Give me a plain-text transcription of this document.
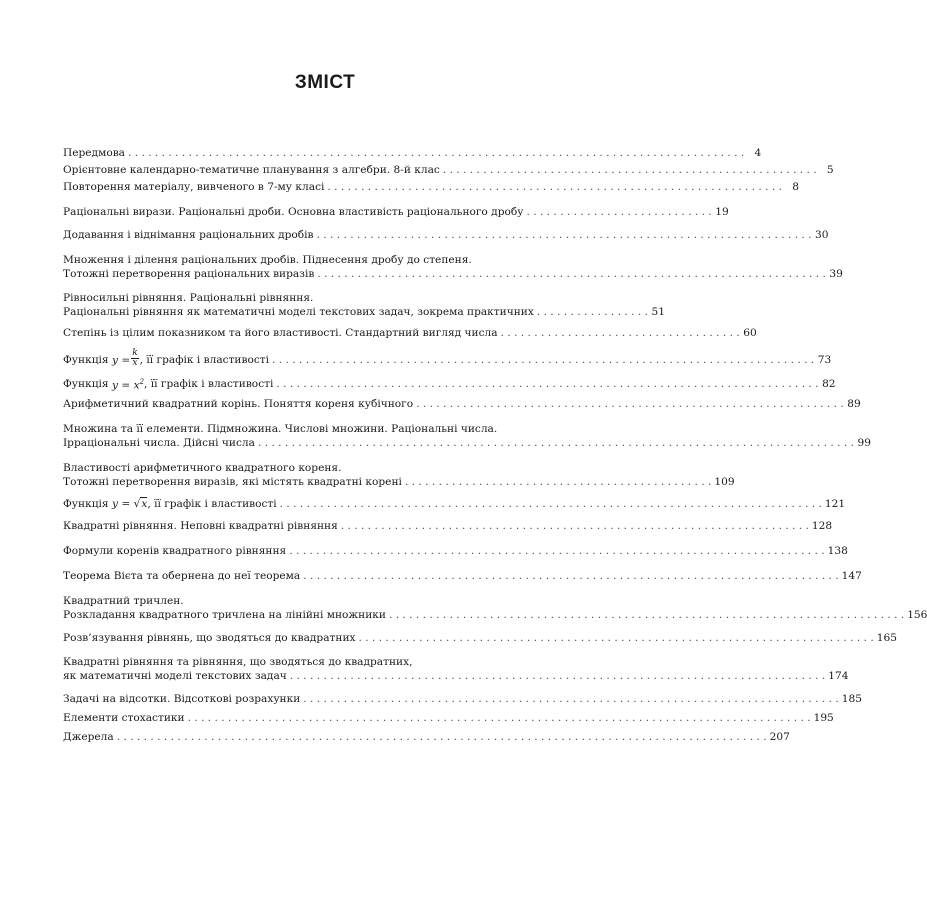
ЗМІСТ
Передмова . . . . . . . . . . . . . . . . . . . . . . . . . . . . . . . . . . . . . . . . . . . . . . . . . . . . . . . . . . . . . . . . . . . . . . . . . . . . . . . . . . . . . . . . . . . . 4
Орієнтовне календарно-тематичне планування з алгебри. 8-й клас . . . . . . . . . . . . . . . . . . . . . . . . . . . . . . . . . . . . . . . . . . . . . . . . . . . . . . . . 5
Повторення матеріалу, вивченого в 7-му класі . . . . . . . . . . . . . . . . . . . . . . . . . . . . . . . . . . . . . . . . . . . . . . . . . . . . . . . . . . . . . . . . . . . . 8
Раціональні вирази. Раціональні дроби. Основна властивість раціонального дробу . . . . . . . . . . . . . . . . . . . . . . . . . . . . 19
Додавання і віднімання раціональних дробів . . . . . . . . . . . . . . . . . . . . . . . . . . . . . . . . . . . . . . . . . . . . . . . . . . . . . . . . . . . . . . . . . . . . . . . . . . 30
Множення і ділення раціональних дробів. Піднесення дробу до степеня.
Тотожні перетворення раціональних виразів . . . . . . . . . . . . . . . . . . . . . . . . . . . . . . . . . . . . . . . . . . . . . . . . . . . . . . . . . . . . . . . . . . . . . . . . . . . . 39
Рівносильні рівняння. Раціональні рівняння.
Раціональні рівняння як математичні моделі текстових задач, зокрема практичних . . . . . . . . . . . . . . . . . 51
Степінь із цілим показником та його властивості. Стандартний вигляд числа . . . . . . . . . . . . . . . . . . . . . . . . . . . . . . . . . . . . 60
Функція
$y = \frac{k}{x}$ , її графік і властивості . . . . . . . . . . . . . . . . . . . . . . . . . . . . . . . . . . . . . . . . . . . . . . . . . . . . . . . . . . . . . . . . . . . . . . . . . . . . . . . . . 73
Функція
$y = x^2$ , її графік і властивості . . . . . . . . . . . . . . . . . . . . . . . . . . . . . . . . . . . . . . . . . . . . . . . . . . . . . . . . . . . . . . . . . . . . . . . . . . . . . . . . . 82
Арифметичний квадратний корінь. Поняття кореня кубічного . . . . . . . . . . . . . . . . . . . . . . . . . . . . . . . . . . . . . . . . . . . . . . . . . . . . . . . . . . . . . . . . 89
Множина та її елементи. Підмножина. Числові множини. Раціональні числа.
Ірраціональні числа. Дійсні числа . . . . . . . . . . . . . . . . . . . . . . . . . . . . . . . . . . . . . . . . . . . . . . . . . . . . . . . . . . . . . . . . . . . . . . . . . . . . . . . . . . . . . . . . . 99
Властивості арифметичного квадратного кореня.
Тотожні перетворення виразів, які містять квадратні корені . . . . . . . . . . . . . . . . . . . . . . . . . . . . . . . . . . . . . . . . . . . . . . 109
Функція
y = √x , її графік і властивості . . . . . . . . . . . . . . . . . . . . . . . . . . . . . . . . . . . . . . . . . . . . . . . . . . . . . . . . . . . . . . . . . . . . . . . . . . . . . . . . . 121
Квадратні рівняння. Неповні квадратні рівняння . . . . . . . . . . . . . . . . . . . . . . . . . . . . . . . . . . . . . . . . . . . . . . . . . . . . . . . . . . . . . . . . . . . . . . 128
Формули коренів квадратного рівняння . . . . . . . . . . . . . . . . . . . . . . . . . . . . . . . . . . . . . . . . . . . . . . . . . . . . . . . . . . . . . . . . . . . . . . . . . . . . . . . . 138
Теорема Вієта та обернена до неї теорема . . . . . . . . . . . . . . . . . . . . . . . . . . . . . . . . . . . . . . . . . . . . . . . . . . . . . . . . . . . . . . . . . . . . . . . . . . . . . . . . 147
Квадратний тричлен.
Розкладання квадратного тричлена на лінійні множники . . . . . . . . . . . . . . . . . . . . . . . . . . . . . . . . . . . . . . . . . . . . . . . . . . . . . . . . . . . . . . . . . . . . . . . . . . . . . 156
Розв’язування рівнянь, що зводяться до квадратних . . . . . . . . . . . . . . . . . . . . . . . . . . . . . . . . . . . . . . . . . . . . . . . . . . . . . . . . . . . . . . . . . . . . . . . . . . . . . 165
Квадратні рівняння та рівняння, що зводяться до квадратних,
як математичні моделі текстових задач . . . . . . . . . . . . . . . . . . . . . . . . . . . . . . . . . . . . . . . . . . . . . . . . . . . . . . . . . . . . . . . . . . . . . . . . . . . . . . . . 174
Задачі на відсотки. Відсоткові розрахунки . . . . . . . . . . . . . . . . . . . . . . . . . . . . . . . . . . . . . . . . . . . . . . . . . . . . . . . . . . . . . . . . . . . . . . . . . . . . . . . . 185
Елементи стохастики . . . . . . . . . . . . . . . . . . . . . . . . . . . . . . . . . . . . . . . . . . . . . . . . . . . . . . . . . . . . . . . . . . . . . . . . . . . . . . . . . . . . . . . . . . . . . 195
Джерела . . . . . . . . . . . . . . . . . . . . . . . . . . . . . . . . . . . . . . . . . . . . . . . . . . . . . . . . . . . . . . . . . . . . . . . . . . . . . . . . . . . . . . . . . . . . . . . . . 207
